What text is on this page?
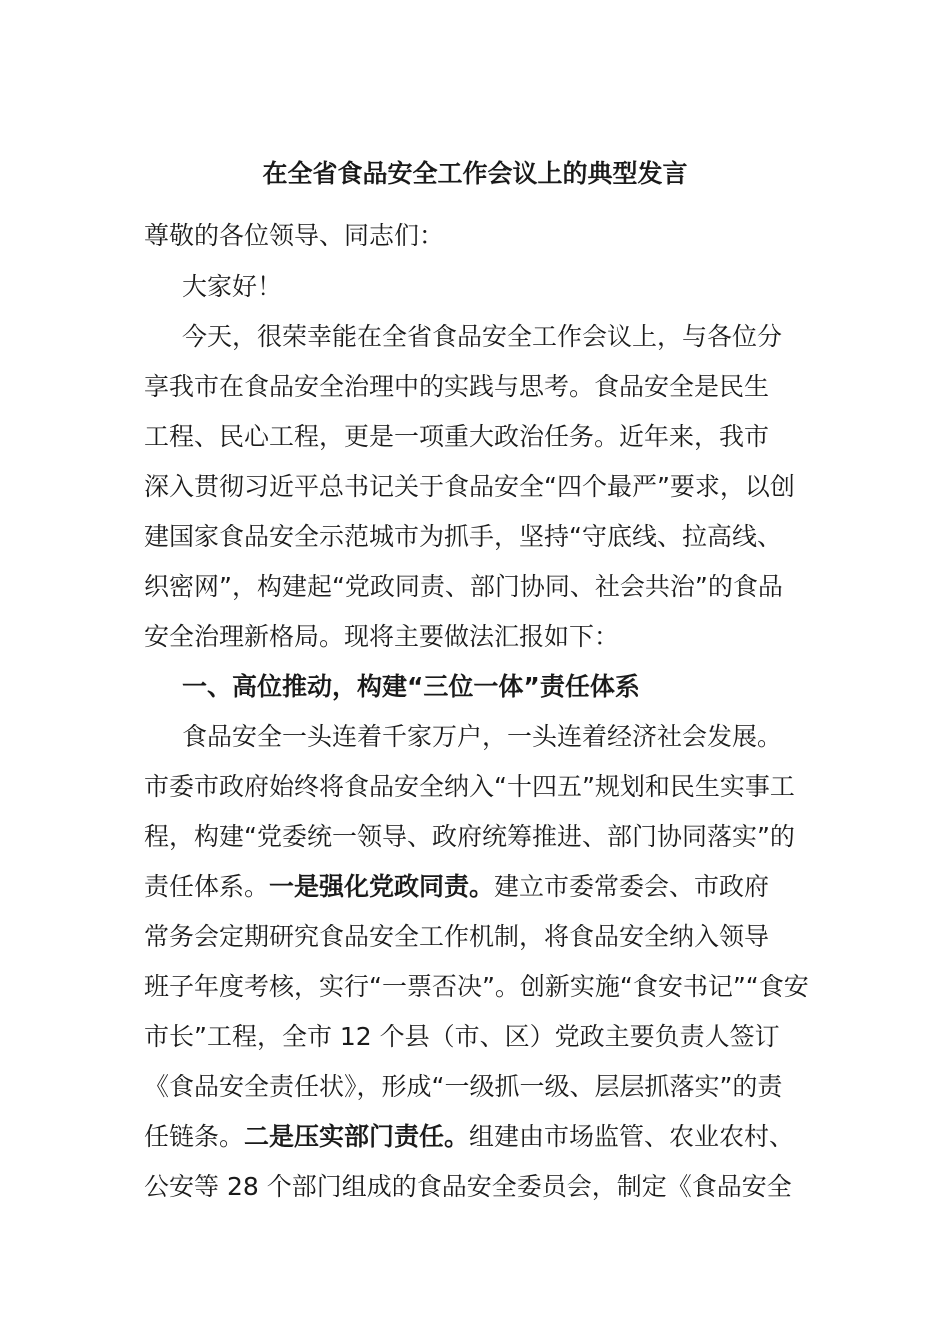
在全省食品安全工作会议上的典型发言

尊敬的各位领导、同志们：

大家好！

今天，很荣幸能在全省食品安全工作会议上，与各位分

享我市在食品安全治理中的实践与思考。食品安全是民生

工程、民心工程，更是一项重大政治任务。近年来，我市

深入贯彻习近平总书记关于食品安全“四个最严”要求，以创

建国家食品安全示范城市为抓手，坚持“守底线、拉高线、

织密网”，构建起“党政同责、部门协同、社会共治”的食品

安全治理新格局。现将主要做法汇报如下：

一、高位推动，构建“三位一体”责任体系

食品安全一头连着千家万户，一头连着经济社会发展。

市委市政府始终将食品安全纳入“十四五”规划和民生实事工

程，构建“党委统一领导、政府统筹推进、部门协同落实”的

责任体系。一是强化党政同责。建立市委常委会、市政府

常务会定期研究食品安全工作机制，将食品安全纳入领导

班子年度考核，实行“一票否决”。创新实施“食安书记”“食安

市长”工程，全市 12 个县（市、区）党政主要负责人签订

《食品安全责任状》，形成“一级抓一级、层层抓落实”的责

任链条。二是压实部门责任。组建由市场监管、农业农村、

公安等 28 个部门组成的食品安全委员会，制定《食品安全
